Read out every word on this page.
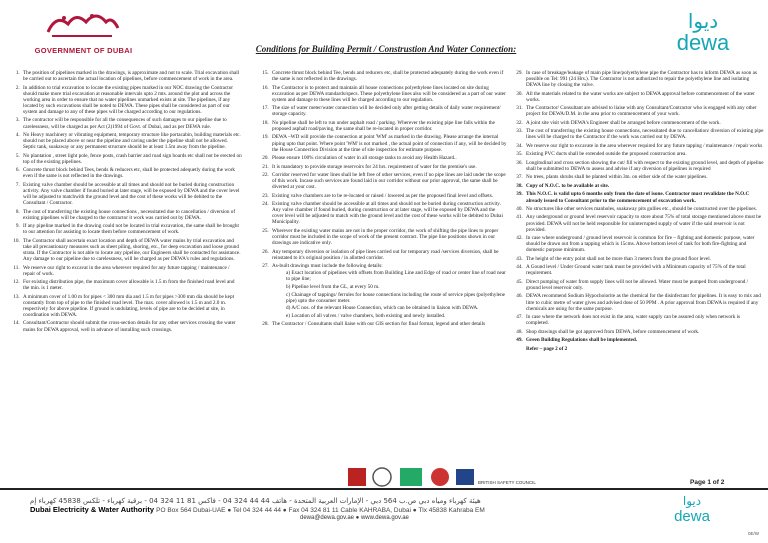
GOVERNMENT OF DUBAI	Conditions for Building Permit / Construstion And Water Connection:
ديوا
dewa
1. The position of pipelines marked in the drawings, is approximate and not to scale. Trial excavation shall be carried out to ascertain the actual location of pipelines, before commencement of work in the area.
2. In addition to trial excavation to locate the existing pipes marked in our NOC drawing the Contractor should make more trial excavation at reasonable intervals upto 2 mts. around the plot and across the working area in order to ensure that no water pipelines unmarked exists at site. The pipelines, if any located by such excavations shall be noted to DEWA. These pipes shall be considered as part of our system and damage to any of these pipes will be charged according to our regulations.
3. The contractor will be responsible for all the consequences of such damages to our pipeline due to carelessness, will be charged as per Act (2)1994 of Govt. of Dubai, and as per DEWA rule.
4. No Heavy machinery or vibrating equipment, temporary structure like portacabin, building materials etc. should not be placed above or near the pipeline and caving under the pipeline shall not be allowed. Septic tank, soakaway or any permanent structure should be at least 1.5m away from the pipeline.
5. No plantation , street light pole, fence posts, crash barrier and road sign boards etc shall not be erected on top of the existing pipelines.
6. Concrete thrust block behind Tees, bends & reducers etc, shall be protected adequetly during the work even if the same is not reflected in the drawings.
7. Existing valve chamber should be accessible at all times and should not be buried during construction activity. Any valve chamber if found buried at later stage, will be exposed by DEWA and the cover level will be adjusted to matchwith the ground level and the cost of these works will be debited to the Consultant / Contractor.
8. The cost of transferring the existing house connections , necessitated due to cancellation / diversion of existing pipelines will be charged to the contractor it work was carried out by DEWA.
9. If any pipeline marked in the drawing could not be located in trial excavation, the same shall be brought to our attention for assisting to locate them before commencement of work.
10. The Contractor shall ascertain exact location and depth of DEWA water mains by trial excavation and take all precautionary measures such as sheet piling, shoring, etc., for deep excavation and loose ground strata. If the Contractor is not able to locate any pipeline, our Engineers shall be contacted for assistance. Any damage to our pipeline due to carelessness, will be charged as per DEWA's rules and regulations.
11. We reserve our right to excavat in the area wherever required for any future tapping / maintenance / repair of work.
12. For existing distribution pipe, the maximum cover allowable is 1.5 m from the finished road level and the min. is 1 meter.
13. A minimum cover of 1.00 m for pipes < 300 mm dia and 1.5 m for pipes >300 mm dia should be kept constantly from top of pipe to the finished road level. The max. cover allowed is 1.5 m and 2.0 m. respectively for above pipeline. If ground is undulating, levels of pipe are to be decided at site, in coordination with DEWA.
14. Consultant/Contractor should submit the cross-section details for any other services crossing the water mains for DEWA approval, well in advance of installing such crossings.
15. Concrete thrust block behind Tee, bends and reducers etc, shall be protected adequately during the work even if the same is not reflected in the drawings.
16. The Contractor is to protect and maintain all house connections polyethylene lines located on site during excavation as per DEWA standards/specs. These polyethylene lines also will be considered as a part of our water system and damage to these lines will be charged according to our regulation.
17. The size of water meter/water connection will be decided only after getting details of daily water requirement/ storage capacity.
18. No pipeline shall be left to run under asphalt road / parking. Wherever the existing pipe line falls within the proposed asphalt road/paving, the same shall be re-located in proper corridor.
19. DEWA –WD will provide the connection at point 'WM' as marked in the drawing. Please arrange the internal piping upto that point. Where point 'WM' is not marked , the actual point of connection if any, will be decided by the House Connection Division at the time of site inspection for estimate purpose.
20. Please ensure 100% circulation of water in all storage tanks to avoid any Health Hazard..
21. It is mandatory to provide storage reservoirs for 24 hrs. requirement of water for the premise's use.
22. Corridor reserved for water lines shall be left free of other services, even if no pipe lines are laid under the scope of this work. Incase such services are found laid in our corridor without our prior approval, the same shall be diverted at your cost.
23. Existing valve chambers are to be re-located or raised / lowered as per the proposed final level and offsets.
24. Existing valve chamber should be accessible at all times and should not be buried during construction activity. Any valve chamber if found buried, during construction or at later stage, will be exposed by DEWA and the cover level will be adjusted to match with the ground level and the cost of these works will be debited to Dubai Municipality.
25. Wherever the existing water mains are not in the proper corridor, the work of shifting the pipe lines to proper corridor must be included in the scope of work of the present contract. The pipe line positions shown in our drawings are indicative only.
26. Any temporary diversion or isolation of pipe lines carried out for temporary road /services diversion, shall be reinstated to it's original position / in allotted corridor.
27. As-built drawings must include the following details:
a) Exact location of pipelines with offsets from Building Line and Edge of road or center line of road near to pipe line;
b) Pipeline level from the GL, at every 50 m.
c) Chainage of tappings/ ferrules for house connections including the route of service pipes (polyethylene pipe) upto the consumer meter.
d) A/C nos. of the relevant House Connection, which can be obtained in liaison with DEWA.
e) Location of all valves / valve chambers, both existing and newly installed.
28. The Contractor / Consultants shall liaise with our GIS section for final format, legend and other details
29. In case of breakage/leakage of main pipe line/polyethylene pipe the Contractor has to inform DEWA as soon as possible on Tel: 991 (24 Hrs.). The Contractor is not authorized to repair the polyethylene line and isolating DEWA line by closing the valve.
30. All the materials related to the water works are subject to DEWA approval before commencement of the water works.
31. The Contractor/ Consultant are advised to liaise with any Consultant/Contractor who is engaged with any other project for DEWA/D.M. in the area prior to commencement of your work.
32. A joint site visit with DEWA's Engineer shall be arranged before commencement of the work.
33. The cost of transferring the existing house connections, necessitated due to cancellation/ diversion of existing pipe lines will be charged to the Contractor if the work was carried out by DEWA.
34. We reserve our right to excavate in the area wherever required for any future tapping / maintenance / repair works
35. Existing PVC ducts shall be extended outside the proposed construction area.
36. Longitudinal and cross section showing the cut/ fill with respect to the existing ground level, and depth of pipeline shall be submitted to DEWA to assess and advise if any diversion of pipelines is required
37. No trees, plants shrubs shall be planted within 3m. on either side of the water pipelines.
38. Copy of N.O.C. to be available at site.
39. This N.O.C. is valid upto 6 months only from the date of isone. Contractor must revalidate the N.O.C already issued to Consultant prior to the commencement of excavation work.
40. No structures like other services manholes, soakaway pits gullies etc., should be constructed over the pipelines.
41. Any underground or ground level reservoir capacity to store about 75% of total storage mentioned above must be provided. DEWA will not be held responsible for uninterrupted supply of water if the said reservoir is not provided.
42. In case where underground / ground level reservoir is common for fire – fighting and domestic purpose, water should be drawn out from a tapping which is 15cms. Above bottom level of tank for both fire-fighting and domestic purpose minimum.
43. The height of the entry point shall not be more than 3 meters from the ground floor level.
44. A Gound level / Under Ground water tank must be provided with a Minimum capacity of 75% of the total requirement.
45. Direct pumping of water from supply lines will not be allowed. Water must be pumped from underground / ground level reservoir only.
46. DEWA recommend Sodium Hypochoiorite as the chemical for the disinfectant for pipelines. It is easy to mix and litre to cubic metre of water gives and advised dose of 50 PPM . A prior approval from DEWA is required if any chemicals are using for the same purpose.
47. In case where the network does not exist in the area, water supply can be assured only when network is completed.
48. Shop drawings shall be got approved from DEWA, before commencement of work.
49. Green Building Regulations shall be implemented.
Refer – page 2 of 2
BRITISH SAFETY COUNCIL	Page 1 of 2
هيئة كهرباء ومياه دبي ص.ب 564 دبي - الإمارات العربية المتحدة - هاتف 44 44 324 04 - فاكس 81 11 324 04 - برقية كهرباء - تلكس 45838 كهرباء إم
Dubai Electricity & Water Authority PO Box 564 Dubai-UAE ● Tel 04 324 44 44 ● Fax 04 324 81 11 Cable KAHRABA, Dubai ● Tlx 45838 Kahraba EM
dewa@dewa.gov.ae ● www.dewa.gov.ae
ديوا
dewa
0E/W
